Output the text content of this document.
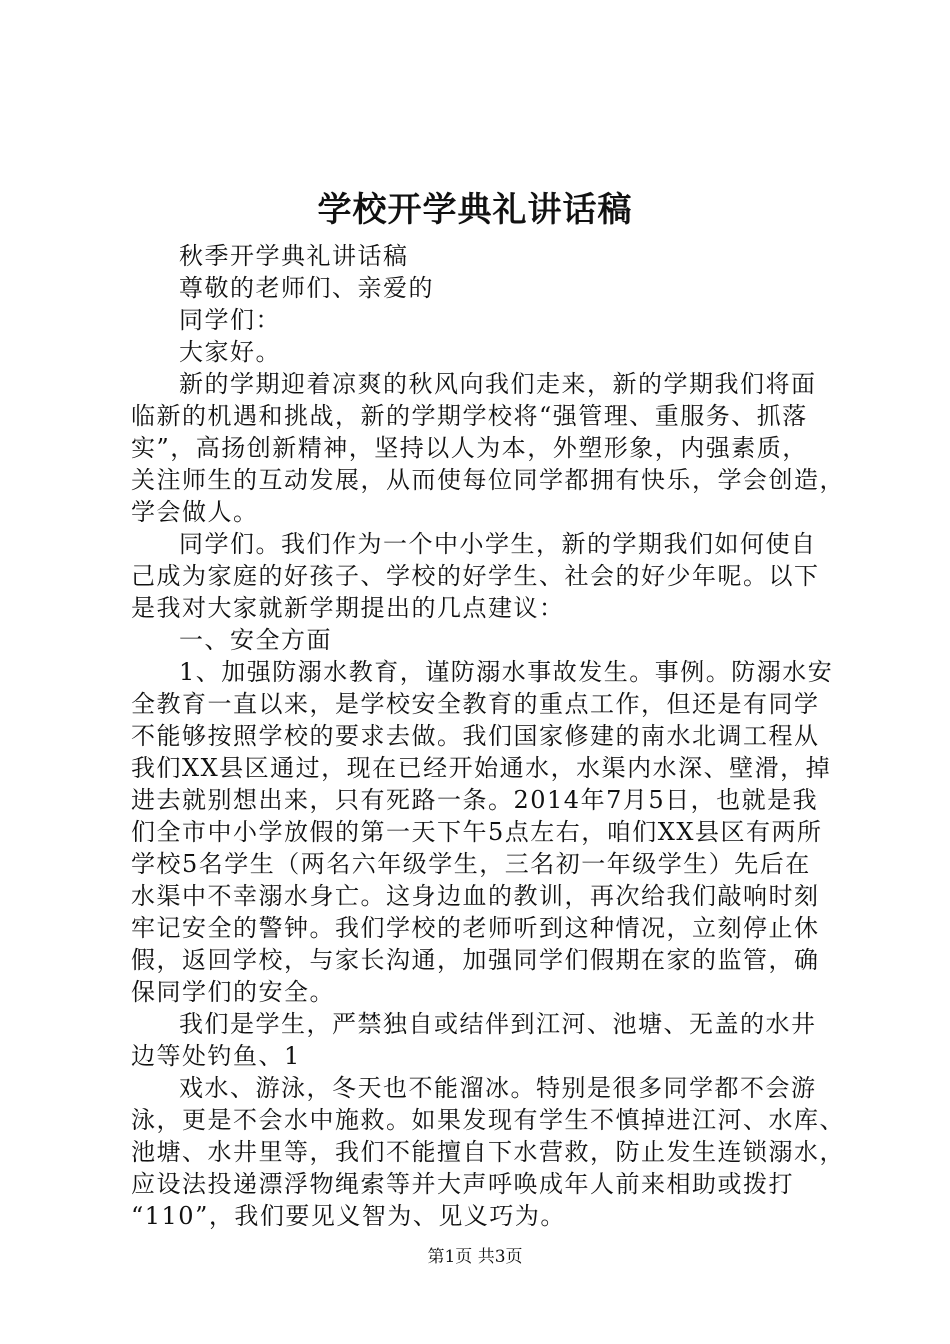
学校开学典礼讲话稿
秋季开学典礼讲话稿
尊敬的老师们、亲爱的
同学们：
大家好。
新的学期迎着凉爽的秋风向我们走来，新的学期我们将面
临新的机遇和挑战，新的学期学校将“强管理、重服务、抓落
实”，高扬创新精神，坚持以人为本，外塑形象，内强素质，
关注师生的互动发展，从而使每位同学都拥有快乐，学会创造，
学会做人。
同学们。我们作为一个中小学生，新的学期我们如何使自
己成为家庭的好孩子、学校的好学生、社会的好少年呢。以下
是我对大家就新学期提出的几点建议：
一、安全方面
1、加强防溺水教育，谨防溺水事故发生。事例。防溺水安
全教育一直以来，是学校安全教育的重点工作，但还是有同学
不能够按照学校的要求去做。我们国家修建的南水北调工程从
我们XX县区通过，现在已经开始通水，水渠内水深、壁滑，掉
进去就别想出来，只有死路一条。2014年7月5日，也就是我
们全市中小学放假的第一天下午5点左右，咱们XX县区有两所
学校5名学生（两名六年级学生，三名初一年级学生）先后在
水渠中不幸溺水身亡。这身边血的教训，再次给我们敲响时刻
牢记安全的警钟。我们学校的老师听到这种情况，立刻停止休
假，返回学校，与家长沟通，加强同学们假期在家的监管，确
保同学们的安全。
我们是学生，严禁独自或结伴到江河、池塘、无盖的水井
边等处钓鱼、1
戏水、游泳，冬天也不能溜冰。特别是很多同学都不会游
泳，更是不会水中施救。如果发现有学生不慎掉进江河、水库、
池塘、水井里等，我们不能擅自下水营救，防止发生连锁溺水，
应设法投递漂浮物绳索等并大声呼唤成年人前来相助或拨打
“110”，我们要见义智为、见义巧为。
第1页 共3页
